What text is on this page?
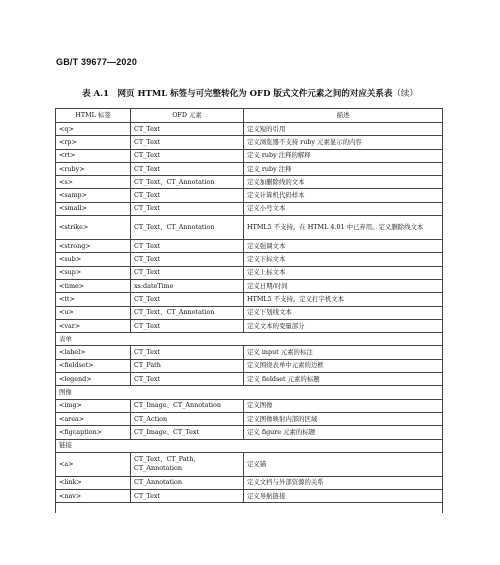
GB/T 39677—2020
表 A.1　网页 HTML 标签与可完整转化为 OFD 版式文件元素之间的对应关系表（续）
HTML 标签	OFD 元素	描述
<q>	CT_Text	定义短的引用
<rp>	CT_Text	定义浏览器不支持 ruby 元素显示的内容
<rt>	CT_Text	定义 ruby 注释的解释
<ruby>	CT_Text	定义 ruby 注释
<s>	CT_Text、CT_Annotation	定义加删除线的文本
<samp>	CT_Text	定义计算机代码样本
<small>	CT_Text	定义小号文本
<strike>	CT_Text、CT_Annotation	HTML5 不支持。在 HTML 4.01 中已弃用。定义删除线文本
<strong>	CT_Text	定义强调文本
<sub>	CT_Text	定义下标文本
<sup>	CT_Text	定义上标文本
<time>	xs:dateTime	定义日期/时间
<tt>	CT_Text	HTML5 不支持。定义打字机文本
<u>	CT_Text、CT_Annotation	定义下划线文本
<var>	CT_Text	定义文本的变量部分
表单		
<label>	CT_Text	定义 input 元素的标注
<fieldset>	CT_Path	定义围绕表单中元素的边框
<legend>	CT_Text	定义 fieldset 元素的标题
图像		
<img>	CT_Image、CT_Annotation	定义图像
<area>	CT_Action	定义图像映射内部的区域
<figcaption>	CT_Image、CT_Text	定义 figure 元素的标题
链接		
<a>	CT_Text、CT_Path、CT_Annotation	定义锚
<link>	CT_Annotation	定义文档与外部资源的关系
<nav>	CT_Text	定义导航链接
